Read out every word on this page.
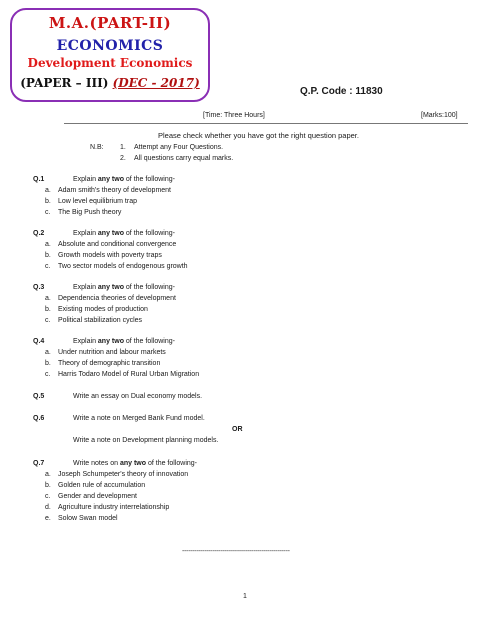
M.A.(PART-II)
ECONOMICS
Development Economics
(PAPER – III) (DEC - 2017)
Q.P. Code : 11830
[Time: Three Hours]	[Marks:100]
Please check whether you have got the right question paper.
N.B: 1. Attempt any Four Questions.
2. All questions carry equal marks.
Q.1	Explain any two of the following-
a. Adam smith's theory of development
b. Low level equilibrium trap
c. The Big Push theory
Q.2	Explain any two of the following-
a. Absolute and conditional convergence
b. Growth models with poverty traps
c. Two sector models of endogenous growth
Q.3	Explain any two of the following-
a. Dependencia theories of development
b. Existing modes of production
c. Political stabilization cycles
Q.4	Explain any two of the following-
a. Under nutrition and labour markets
b. Theory of demographic transition
c. Harris Todaro Model of Rural Urban Migration
Q.5	Write an essay on Dual economy models.
Q.6	Write a note on Merged Bank Fund model.
OR
Write a note on Development planning models.
Q.7	Write notes on any two of the following-
a. Joseph Schumpeter's theory of innovation
b. Golden rule of accumulation
c. Gender and development
d. Agriculture industry interrelationship
e. Solow Swan model
-----------------------------------------------------
1
